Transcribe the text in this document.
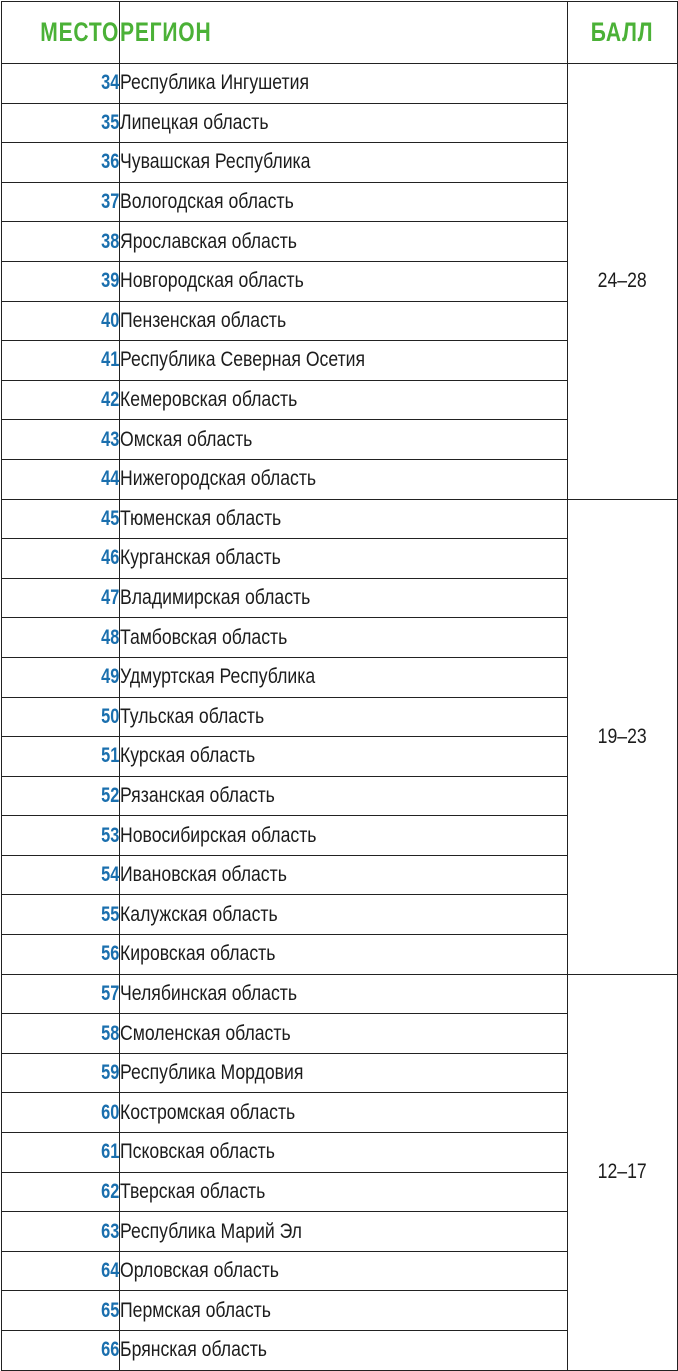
МЕСТО	РЕГИОН	БАЛЛ
34	Республика Ингушетия	24–28
35	Липецкая область	
36	Чувашская Республика	
37	Вологодская область	
38	Ярославская область	
39	Новгородская область	
40	Пензенская область	
41	Республика Северная Осетия	
42	Кемеровская область	
43	Омская область	
44	Нижегородская область	
45	Тюменская область	19–23
46	Курганская область	
47	Владимирская область	
48	Тамбовская область	
49	Удмуртская Республика	
50	Тульская область	
51	Курская область	
52	Рязанская область	
53	Новосибирская область	
54	Ивановская область	
55	Калужская область	
56	Кировская область	
57	Челябинская область	12–17
58	Смоленская область	
59	Республика Мордовия	
60	Костромская область	
61	Псковская область	
62	Тверская область	
63	Республика Марий Эл	
64	Орловская область	
65	Пермская область	
66	Брянская область	
